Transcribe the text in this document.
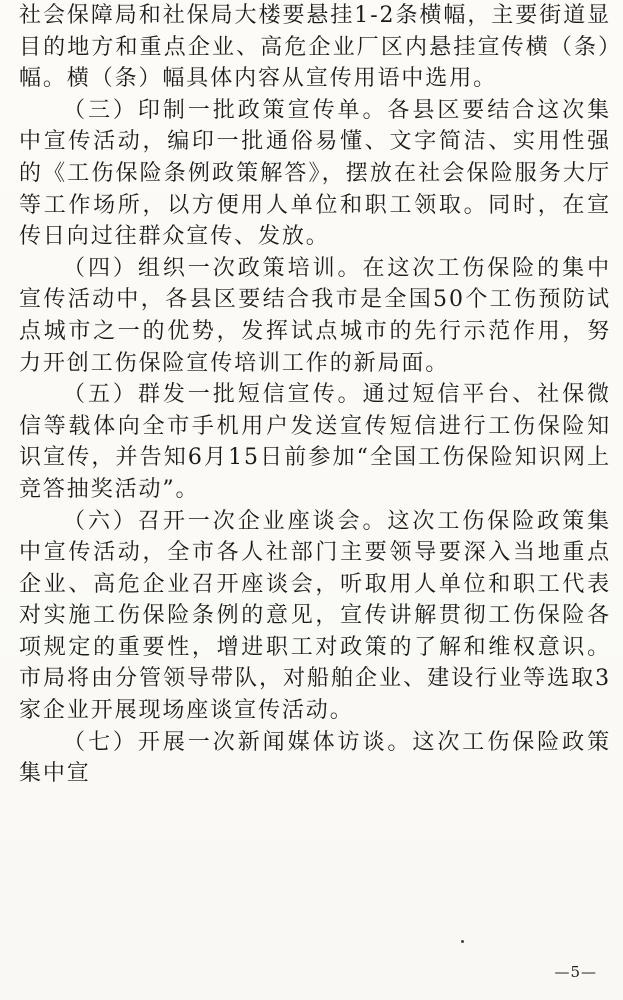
社会保障局和社保局大楼要悬挂1-2条横幅，主要街道显目的地方和重点企业、高危企业厂区内悬挂宣传横（条）幅。横（条）幅具体内容从宣传用语中选用。

（三）印制一批政策宣传单。各县区要结合这次集中宣传活动，编印一批通俗易懂、文字简洁、实用性强的《工伤保险条例政策解答》，摆放在社会保险服务大厅等工作场所，以方便用人单位和职工领取。同时，在宣传日向过往群众宣传、发放。

（四）组织一次政策培训。在这次工伤保险的集中宣传活动中，各县区要结合我市是全国50个工伤预防试点城市之一的优势，发挥试点城市的先行示范作用，努力开创工伤保险宣传培训工作的新局面。

（五）群发一批短信宣传。通过短信平台、社保微信等载体向全市手机用户发送宣传短信进行工伤保险知识宣传，并告知6月15日前参加“全国工伤保险知识网上竞答抽奖活动”。

（六）召开一次企业座谈会。这次工伤保险政策集中宣传活动，全市各人社部门主要领导要深入当地重点企业、高危企业召开座谈会，听取用人单位和职工代表对实施工伤保险条例的意见，宣传讲解贯彻工伤保险各项规定的重要性，增进职工对政策的了解和维权意识。市局将由分管领导带队，对船舶企业、建设行业等选取3家企业开展现场座谈宣传活动。

（七）开展一次新闻媒体访谈。这次工伤保险政策集中宣

—5—
